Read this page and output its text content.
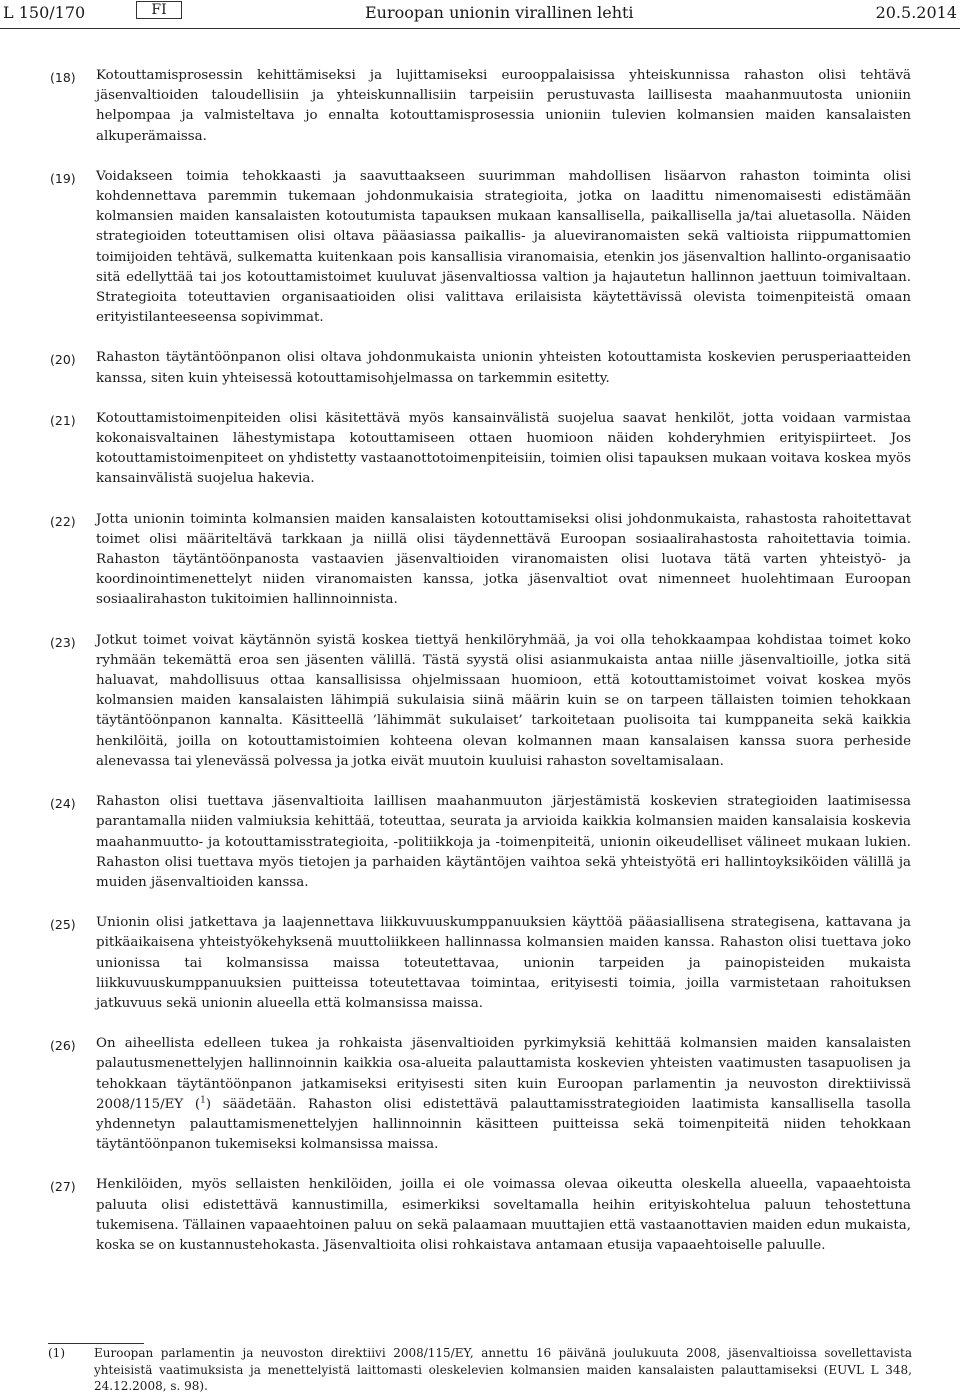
L 150/170	FI	Euroopan unionin virallinen lehti	20.5.2014
(18) Kotouttamisprosessin kehittämiseksi ja lujittamiseksi eurooppalaisissa yhteiskunnissa rahaston olisi tehtävä jäsenvaltioiden taloudellisiin ja yhteiskunnallisiin tarpeisiin perustuvasta laillisesta maahanmuutosta unioniin helpompaa ja valmisteltava jo ennalta kotouttamisprosessia unioniin tulevien kolmansien maiden kansalaisten alkuperämaissa.
(19) Voidakseen toimia tehokkaasti ja saavuttaakseen suurimman mahdollisen lisäarvon rahaston toiminta olisi kohdennettava paremmin tukemaan johdonmukaisia strategioita, jotka on laadittu nimenomaisesti edistämään kolmansien maiden kansalaisten kotoutumista tapauksen mukaan kansallisella, paikallisella ja/tai aluetasolla. Näiden strategioiden toteuttamisen olisi oltava pääasiassa paikallis- ja alueviranomaisten sekä valtioista riippumattomien toimijoiden tehtävä, sulkematta kuitenkaan pois kansallisia viranomaisia, etenkin jos jäsenvaltion hallinto-organisaatio sitä edellyttää tai jos kotouttamistoimet kuuluvat jäsenvaltiossa valtion ja hajautetun hallinnon jaettuun toimivaltaan. Strategioita toteuttavien organisaatioiden olisi valittava erilaisista käytettävissä olevista toimenpiteistä omaan erityistilanteeseensa sopivimmat.
(20) Rahaston täytäntöönpanon olisi oltava johdonmukaista unionin yhteisten kotouttamista koskevien perusperiaatteiden kanssa, siten kuin yhteisessä kotouttamisohjelmassa on tarkemmin esitetty.
(21) Kotouttamistoimenpiteiden olisi käsitettävä myös kansainvälistä suojelua saavat henkilöt, jotta voidaan varmistaa kokonaisvaltainen lähestymistapa kotouttamiseen ottaen huomioon näiden kohderyhmien erityispiirteet. Jos kotouttamistoimenpiteet on yhdistetty vastaanottotoimenpiteisiin, toimien olisi tapauksen mukaan voitava koskea myös kansainvälistä suojelua hakevia.
(22) Jotta unionin toiminta kolmansien maiden kansalaisten kotouttamiseksi olisi johdonmukaista, rahastosta rahoitettavat toimet olisi määriteltävä tarkkaan ja niillä olisi täydennettävä Euroopan sosiaalirahastosta rahoitettavia toimia. Rahaston täytäntöönpanosta vastaavien jäsenvaltioiden viranomaisten olisi luotava tätä varten yhteistyö- ja koordinointimenettelyt niiden viranomaisten kanssa, jotka jäsenvaltiot ovat nimenneet huolehtimaan Euroopan sosiaalirahaston tukitoimien hallinnoinnista.
(23) Jotkut toimet voivat käytännön syistä koskea tiettyä henkilöryhmää, ja voi olla tehokkaampaa kohdistaa toimet koko ryhmään tekemättä eroa sen jäsenten välillä. Tästä syystä olisi asianmukaista antaa niille jäsenvaltioille, jotka sitä haluavat, mahdollisuus ottaa kansallisissa ohjelmissaan huomioon, että kotouttamistoimet voivat koskea myös kolmansien maiden kansalaisten lähimpiä sukulaisia siinä määrin kuin se on tarpeen tällaisten toimien tehokkaan täytäntöönpanon kannalta. Käsitteellä ’lähimmät sukulaiset’ tarkoitetaan puolisoita tai kumppaneita sekä kaikkia henkilöitä, joilla on kotouttamistoimien kohteena olevan kolmannen maan kansalaisen kanssa suora perheside alenevassa tai ylenevässä polvessa ja jotka eivät muutoin kuuluisi rahaston soveltamisalaan.
(24) Rahaston olisi tuettava jäsenvaltioita laillisen maahanmuuton järjestämistä koskevien strategioiden laatimisessa parantamalla niiden valmiuksia kehittää, toteuttaa, seurata ja arvioida kaikkia kolmansien maiden kansalaisia koskevia maahanmuutto- ja kotouttamisstrategioita, -politiikkoja ja -toimenpiteitä, unionin oikeudelliset välineet mukaan lukien. Rahaston olisi tuettava myös tietojen ja parhaiden käytäntöjen vaihtoa sekä yhteistyötä eri hallintoyksiköiden välillä ja muiden jäsenvaltioiden kanssa.
(25) Unionin olisi jatkettava ja laajennettava liikkuvuuskumppanuuksien käyttöä pääasiallisena strategisena, kattavana ja pitkäaikaisena yhteistyökehyksenä muuttoliikkeen hallinnassa kolmansien maiden kanssa. Rahaston olisi tuettava joko unionissa tai kolmansissa maissa toteutettavaa, unionin tarpeiden ja painopisteiden mukaista liikkuvuuskumppanuuksien puitteissa toteutettavaa toimintaa, erityisesti toimia, joilla varmistetaan rahoituksen jatkuvuus sekä unionin alueella että kolmansissa maissa.
(26) On aiheellista edelleen tukea ja rohkaista jäsenvaltioiden pyrkimyksiä kehittää kolmansien maiden kansalaisten palautusmenettelyjen hallinnoinnin kaikkia osa-alueita palauttamista koskevien yhteisten vaatimusten tasapuolisen ja tehokkaan täytäntöönpanon jatkamiseksi erityisesti siten kuin Euroopan parlamentin ja neuvoston direktiivissä 2008/115/EY ($^1$) säädetään. Rahaston olisi edistettävä palauttamisstrategioiden laatimista kansallisella tasolla yhdennetyn palauttamismenettelyjen hallinnoinnin käsitteen puitteissa sekä toimenpiteitä niiden tehokkaan täytäntöönpanon tukemiseksi kolmansissa maissa.
(27) Henkilöiden, myös sellaisten henkilöiden, joilla ei ole voimassa olevaa oikeutta oleskella alueella, vapaaehtoista paluuta olisi edistettävä kannustimilla, esimerkiksi soveltamalla heihin erityiskohtelua paluun tehostettuna tukemisena. Tällainen vapaaehtoinen paluu on sekä palaamaan muuttajien että vastaanottavien maiden edun mukaista, koska se on kustannustehokasta. Jäsenvaltioita olisi rohkaistava antamaan etusija vapaaehtoiselle paluulle.
(1)	Euroopan parlamentin ja neuvoston direktiivi 2008/115/EY, annettu 16 päivänä joulukuuta 2008, jäsenvaltioissa sovellettavista yhteisistä vaatimuksista ja menettelyistä laittomasti oleskelevien kolmansien maiden kansalaisten palauttamiseksi (EUVL L 348, 24.12.2008, s. 98).
